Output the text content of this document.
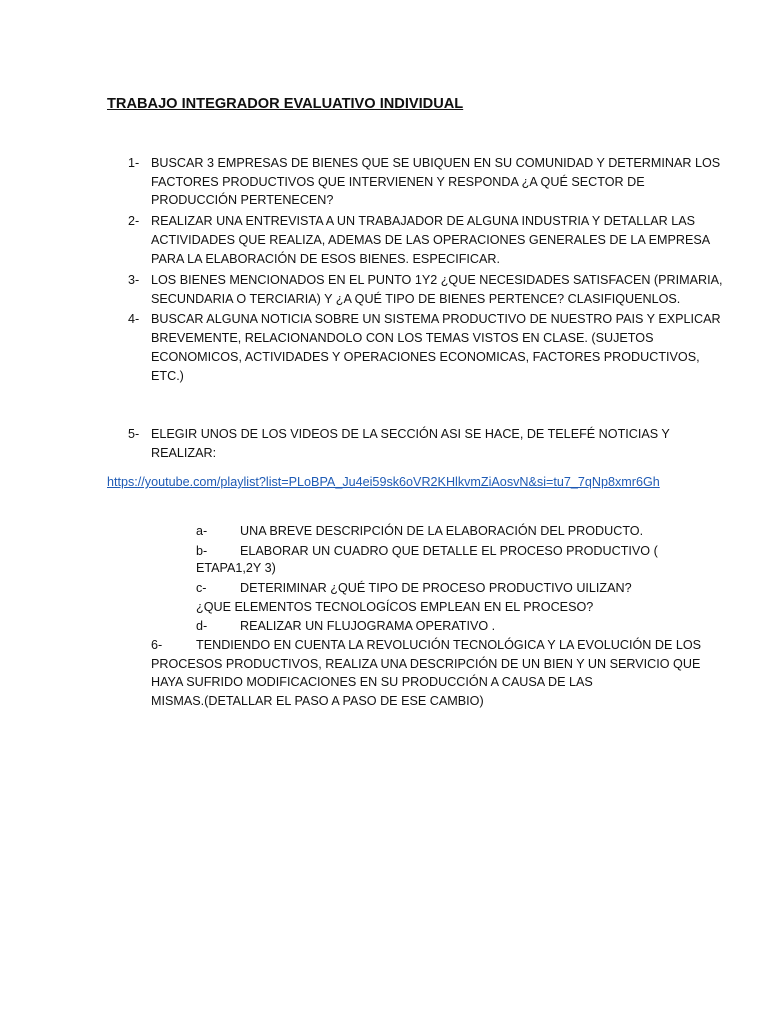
TRABAJO INTEGRADOR EVALUATIVO INDIVIDUAL
1- BUSCAR 3 EMPRESAS DE BIENES QUE SE UBIQUEN EN SU COMUNIDAD Y DETERMINAR LOS
FACTORES PRODUCTIVOS QUE INTERVIENEN Y RESPONDA ¿A QUÉ SECTOR DE
PRODUCCIÓN PERTENECEN?
2- REALIZAR UNA ENTREVISTA A UN TRABAJADOR DE ALGUNA INDUSTRIA Y DETALLAR LAS
ACTIVIDADES QUE REALIZA, ADEMAS DE LAS OPERACIONES GENERALES DE LA EMPRESA
PARA LA ELABORACIÓN DE ESOS BIENES. ESPECIFICAR.
3- LOS BIENES MENCIONADOS EN EL PUNTO 1Y2 ¿QUE NECESIDADES SATISFACEN (PRIMARIA,
SECUNDARIA O TERCIARIA) Y ¿A QUÉ TIPO DE BIENES PERTENCE? CLASIFIQUENLOS.
4- BUSCAR ALGUNA NOTICIA SOBRE UN SISTEMA PRODUCTIVO DE NUESTRO PAIS Y EXPLICAR
BREVEMENTE, RELACIONANDOLO CON LOS TEMAS VISTOS EN CLASE. (SUJETOS
ECONOMICOS, ACTIVIDADES Y OPERACIONES ECONOMICAS, FACTORES PRODUCTIVOS,
ETC.)
5- ELEGIR UNOS DE LOS VIDEOS DE LA SECCIÓN ASI SE HACE, DE TELEFÉ NOTICIAS Y
REALIZAR:
https://youtube.com/playlist?list=PLoBPA_Ju4ei59sk6oVR2KHlkvmZiAosvN&si=tu7_7qNp8xmr6Gh
a-	UNA BREVE DESCRIPCIÓN DE LA ELABORACIÓN DEL PRODUCTO.
b-	ELABORAR UN CUADRO QUE DETALLE EL PROCESO PRODUCTIVO (
ETAPA1,2Y 3)
c-	DETERIMINAR ¿QUÉ TIPO DE PROCESO PRODUCTIVO UILIZAN?
¿QUE ELEMENTOS TECNOLOGÍCOS EMPLEAN EN EL PROCESO?
d-	REALIZAR UN FLUJOGRAMA OPERATIVO .
6-	TENDIENDO EN CUENTA LA REVOLUCIÓN TECNOLÓGICA Y LA EVOLUCIÓN DE LOS
PROCESOS PRODUCTIVOS, REALIZA UNA DESCRIPCIÓN DE UN BIEN Y UN SERVICIO QUE
HAYA SUFRIDO MODIFICACIONES EN SU PRODUCCIÓN A CAUSA DE LAS
MISMAS.(DETALLAR EL PASO A PASO DE ESE CAMBIO)
